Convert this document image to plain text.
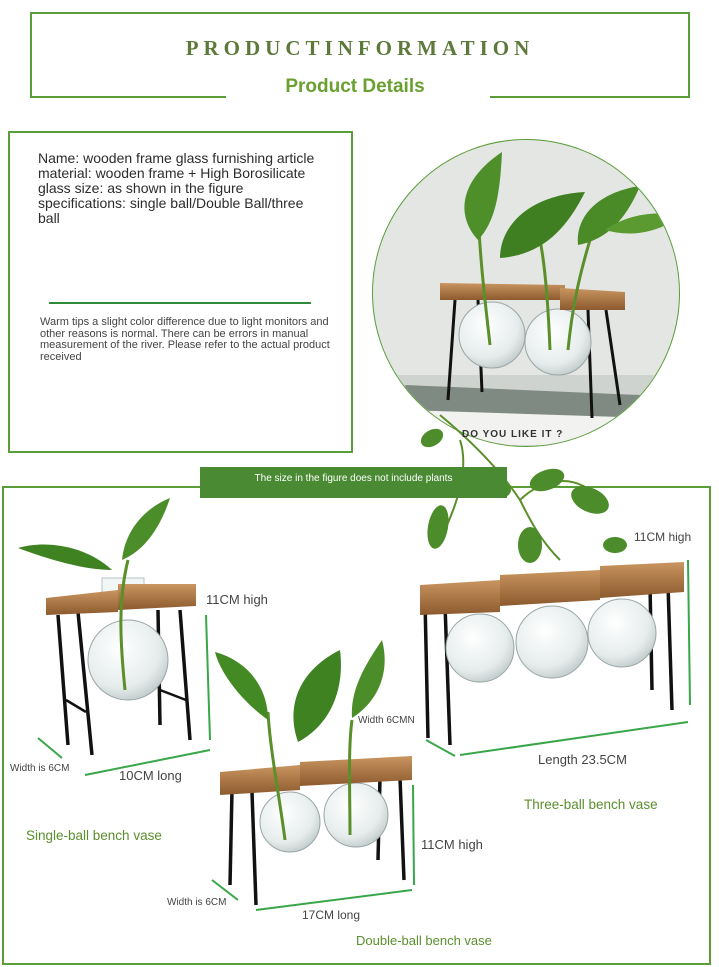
PRODUCTINFORMATION
Product Details
Name: wooden frame glass furnishing article material: wooden frame + High Borosilicate glass size: as shown in the figure specifications: single ball/Double Ball/three ball
Warm tips a slight color difference due to light monitors and other reasons is normal. There can be errors in manual measurement of the river. Please refer to the actual product received
DO YOU LIKE IT ?
The size in the figure does not include plants
11CM high
Width is 6CM	10CM long
Single-ball bench vase
11CM high
Width is 6CM
17CM long
Double-ball bench vase
11CM high
Width 6CMN
Length 23.5CM
Three-ball bench vase
